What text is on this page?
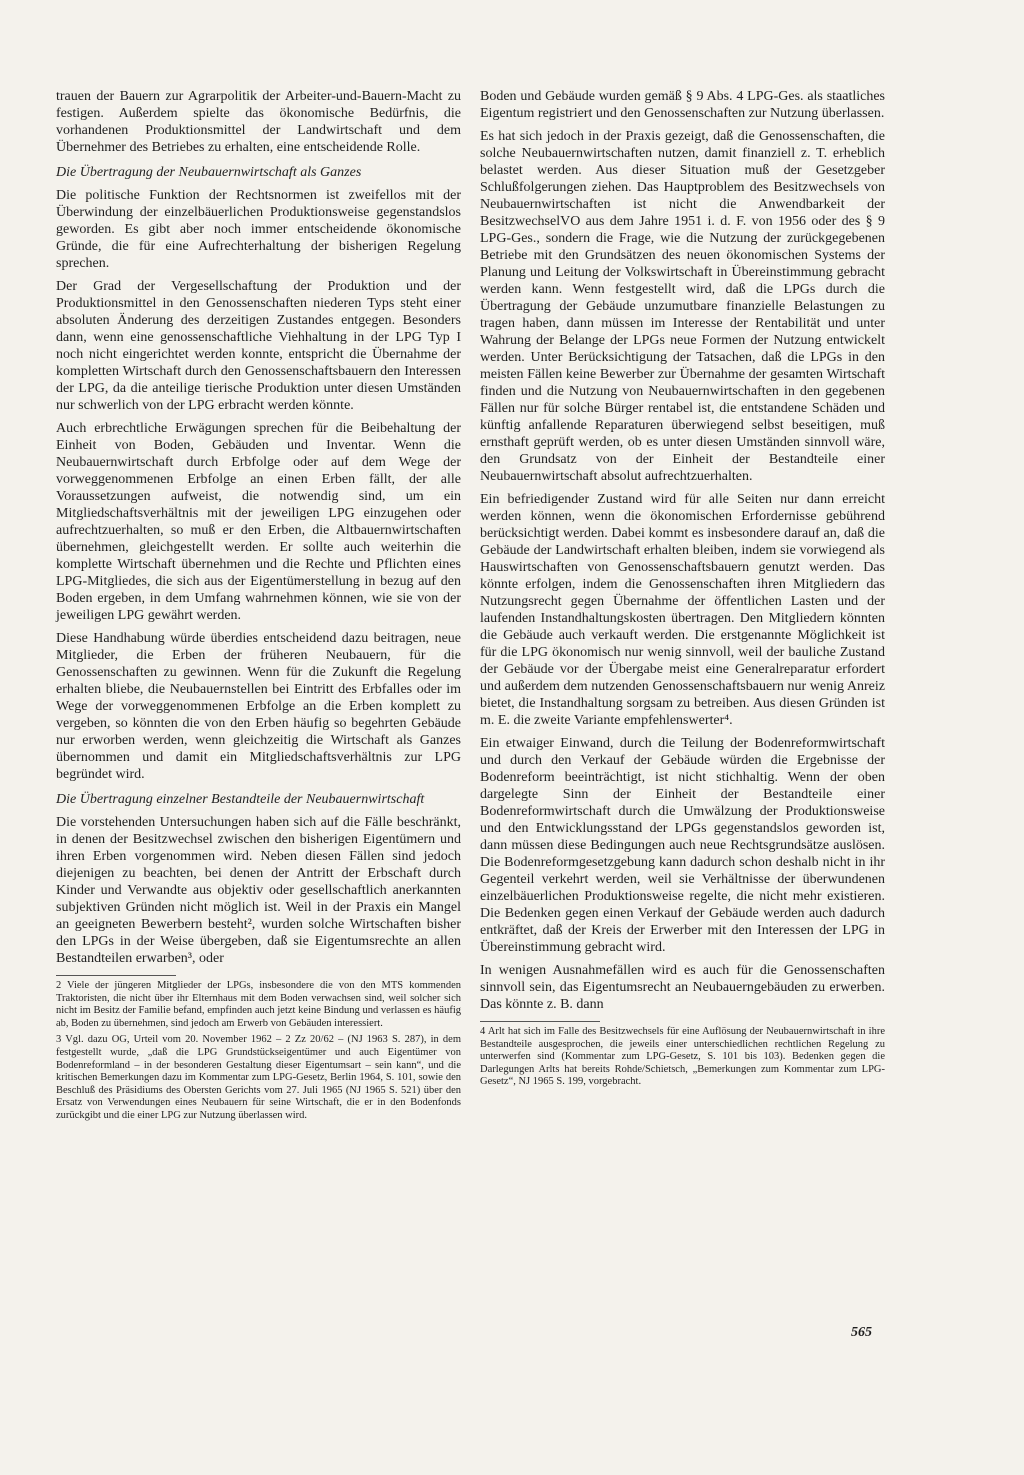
trauen der Bauern zur Agrarpolitik der Arbeiter-und-Bauern-Macht zu festigen. Außerdem spielte das ökonomische Bedürfnis, die vorhandenen Produktionsmittel der Landwirtschaft und dem Übernehmer des Betriebes zu erhalten, eine entscheidende Rolle.

Die Übertragung der Neubauernwirtschaft als Ganzes

Die politische Funktion der Rechtsnormen ist zweifellos mit der Überwindung der einzelbäuerlichen Produktionsweise gegenstandslos geworden. Es gibt aber noch immer entscheidende ökonomische Gründe, die für eine Aufrechterhaltung der bisherigen Regelung sprechen.

Der Grad der Vergesellschaftung der Produktion und der Produktionsmittel in den Genossenschaften niederen Typs steht einer absoluten Änderung des derzeitigen Zustandes entgegen. Besonders dann, wenn eine genossenschaftliche Viehhaltung in der LPG Typ I noch nicht eingerichtet werden konnte, entspricht die Übernahme der kompletten Wirtschaft durch den Genossenschaftsbauern den Interessen der LPG, da die anteilige tierische Produktion unter diesen Umständen nur schwerlich von der LPG erbracht werden könnte.

Auch erbrechtliche Erwägungen sprechen für die Beibehaltung der Einheit von Boden, Gebäuden und Inventar. Wenn die Neubauernwirtschaft durch Erbfolge oder auf dem Wege der vorweggenommenen Erbfolge an einen Erben fällt, der alle Voraussetzungen aufweist, die notwendig sind, um ein Mitgliedschaftsverhältnis mit der jeweiligen LPG einzugehen oder aufrechtzuerhalten, so muß er den Erben, die Altbauernwirtschaften übernehmen, gleichgestellt werden. Er sollte auch weiterhin die komplette Wirtschaft übernehmen und die Rechte und Pflichten eines LPG-Mitgliedes, die sich aus der Eigentümerstellung in bezug auf den Boden ergeben, in dem Umfang wahrnehmen können, wie sie von der jeweiligen LPG gewährt werden.

Diese Handhabung würde überdies entscheidend dazu beitragen, neue Mitglieder, die Erben der früheren Neubauern, für die Genossenschaften zu gewinnen. Wenn für die Zukunft die Regelung erhalten bliebe, die Neubauernstellen bei Eintritt des Erbfalles oder im Wege der vorweggenommenen Erbfolge an die Erben komplett zu vergeben, so könnten die von den Erben häufig so begehrten Gebäude nur erworben werden, wenn gleichzeitig die Wirtschaft als Ganzes übernommen und damit ein Mitgliedschaftsverhältnis zur LPG begründet wird.

Die Übertragung einzelner Bestandteile der Neubauernwirtschaft

Die vorstehenden Untersuchungen haben sich auf die Fälle beschränkt, in denen der Besitzwechsel zwischen den bisherigen Eigentümern und ihren Erben vorgenommen wird. Neben diesen Fällen sind jedoch diejenigen zu beachten, bei denen der Antritt der Erbschaft durch Kinder und Verwandte aus objektiv oder gesellschaftlich anerkannten subjektiven Gründen nicht möglich ist. Weil in der Praxis ein Mangel an geeigneten Bewerbern besteht², wurden solche Wirtschaften bisher den LPGs in der Weise übergeben, daß sie Eigentumsrechte an allen Bestandteilen erwarben³, oder

2 Viele der jüngeren Mitglieder der LPGs, insbesondere die von den MTS kommenden Traktoristen, die nicht über ihr Elternhaus mit dem Boden verwachsen sind, weil solcher sich nicht im Besitz der Familie befand, empfinden auch jetzt keine Bindung und verlassen es häufig ab, Boden zu übernehmen, sind jedoch am Erwerb von Gebäuden interessiert.

3 Vgl. dazu OG, Urteil vom 20. November 1962 – 2 Zz 20/62 – (NJ 1963 S. 287), in dem festgestellt wurde, „daß die LPG Grundstückseigentümer und auch Eigentümer von Bodenreformland – in der besonderen Gestaltung dieser Eigentumsart – sein kann“, und die kritischen Bemerkungen dazu im Kommentar zum LPG-Gesetz, Berlin 1964, S. 101, sowie den Beschluß des Präsidiums des Obersten Gerichts vom 27. Juli 1965 (NJ 1965 S. 521) über den Ersatz von Verwendungen eines Neubauern für seine Wirtschaft, die er in den Bodenfonds zurückgibt und die einer LPG zur Nutzung überlassen wird.

Boden und Gebäude wurden gemäß § 9 Abs. 4 LPG-Ges. als staatliches Eigentum registriert und den Genossenschaften zur Nutzung überlassen.

Es hat sich jedoch in der Praxis gezeigt, daß die Genossenschaften, die solche Neubauernwirtschaften nutzen, damit finanziell z. T. erheblich belastet werden. Aus dieser Situation muß der Gesetzgeber Schlußfolgerungen ziehen. Das Hauptproblem des Besitzwechsels von Neubauernwirtschaften ist nicht die Anwendbarkeit der BesitzwechselVO aus dem Jahre 1951 i. d. F. von 1956 oder des § 9 LPG-Ges., sondern die Frage, wie die Nutzung der zurückgegebenen Betriebe mit den Grundsätzen des neuen ökonomischen Systems der Planung und Leitung der Volkswirtschaft in Übereinstimmung gebracht werden kann. Wenn festgestellt wird, daß die LPGs durch die Übertragung der Gebäude unzumutbare finanzielle Belastungen zu tragen haben, dann müssen im Interesse der Rentabilität und unter Wahrung der Belange der LPGs neue Formen der Nutzung entwickelt werden. Unter Berücksichtigung der Tatsachen, daß die LPGs in den meisten Fällen keine Bewerber zur Übernahme der gesamten Wirtschaft finden und die Nutzung von Neubauernwirtschaften in den gegebenen Fällen nur für solche Bürger rentabel ist, die entstandene Schäden und künftig anfallende Reparaturen überwiegend selbst beseitigen, muß ernsthaft geprüft werden, ob es unter diesen Umständen sinnvoll wäre, den Grundsatz von der Einheit der Bestandteile einer Neubauernwirtschaft absolut aufrechtzuerhalten.

Ein befriedigender Zustand wird für alle Seiten nur dann erreicht werden können, wenn die ökonomischen Erfordernisse gebührend berücksichtigt werden. Dabei kommt es insbesondere darauf an, daß die Gebäude der Landwirtschaft erhalten bleiben, indem sie vorwiegend als Hauswirtschaften von Genossenschaftsbauern genutzt werden. Das könnte erfolgen, indem die Genossenschaften ihren Mitgliedern das Nutzungsrecht gegen Übernahme der öffentlichen Lasten und der laufenden Instandhaltungskosten übertragen. Den Mitgliedern könnten die Gebäude auch verkauft werden. Die erstgenannte Möglichkeit ist für die LPG ökonomisch nur wenig sinnvoll, weil der bauliche Zustand der Gebäude vor der Übergabe meist eine Generalreparatur erfordert und außerdem dem nutzenden Genossenschaftsbauern nur wenig Anreiz bietet, die Instandhaltung sorgsam zu betreiben. Aus diesen Gründen ist m. E. die zweite Variante empfehlenswerter⁴.

Ein etwaiger Einwand, durch die Teilung der Bodenreformwirtschaft und durch den Verkauf der Gebäude würden die Ergebnisse der Bodenreform beeinträchtigt, ist nicht stichhaltig. Wenn der oben dargelegte Sinn der Einheit der Bestandteile einer Bodenreformwirtschaft durch die Umwälzung der Produktionsweise und den Entwicklungsstand der LPGs gegenstandslos geworden ist, dann müssen diese Bedingungen auch neue Rechtsgrundsätze auslösen. Die Bodenreformgesetzgebung kann dadurch schon deshalb nicht in ihr Gegenteil verkehrt werden, weil sie Verhältnisse der überwundenen einzelbäuerlichen Produktionsweise regelte, die nicht mehr existieren. Die Bedenken gegen einen Verkauf der Gebäude werden auch dadurch entkräftet, daß der Kreis der Erwerber mit den Interessen der LPG in Übereinstimmung gebracht wird.

In wenigen Ausnahmefällen wird es auch für die Genossenschaften sinnvoll sein, das Eigentumsrecht an Neubauerngebäuden zu erwerben. Das könnte z. B. dann

4 Arlt hat sich im Falle des Besitzwechsels für eine Auflösung der Neubauernwirtschaft in ihre Bestandteile ausgesprochen, die jeweils einer unterschiedlichen rechtlichen Regelung zu unterwerfen sind (Kommentar zum LPG-Gesetz, S. 101 bis 103). Bedenken gegen die Darlegungen Arlts hat bereits Rohde/Schietsch, „Bemerkungen zum Kommentar zum LPG-Gesetz“, NJ 1965 S. 199, vorgebracht.

565
